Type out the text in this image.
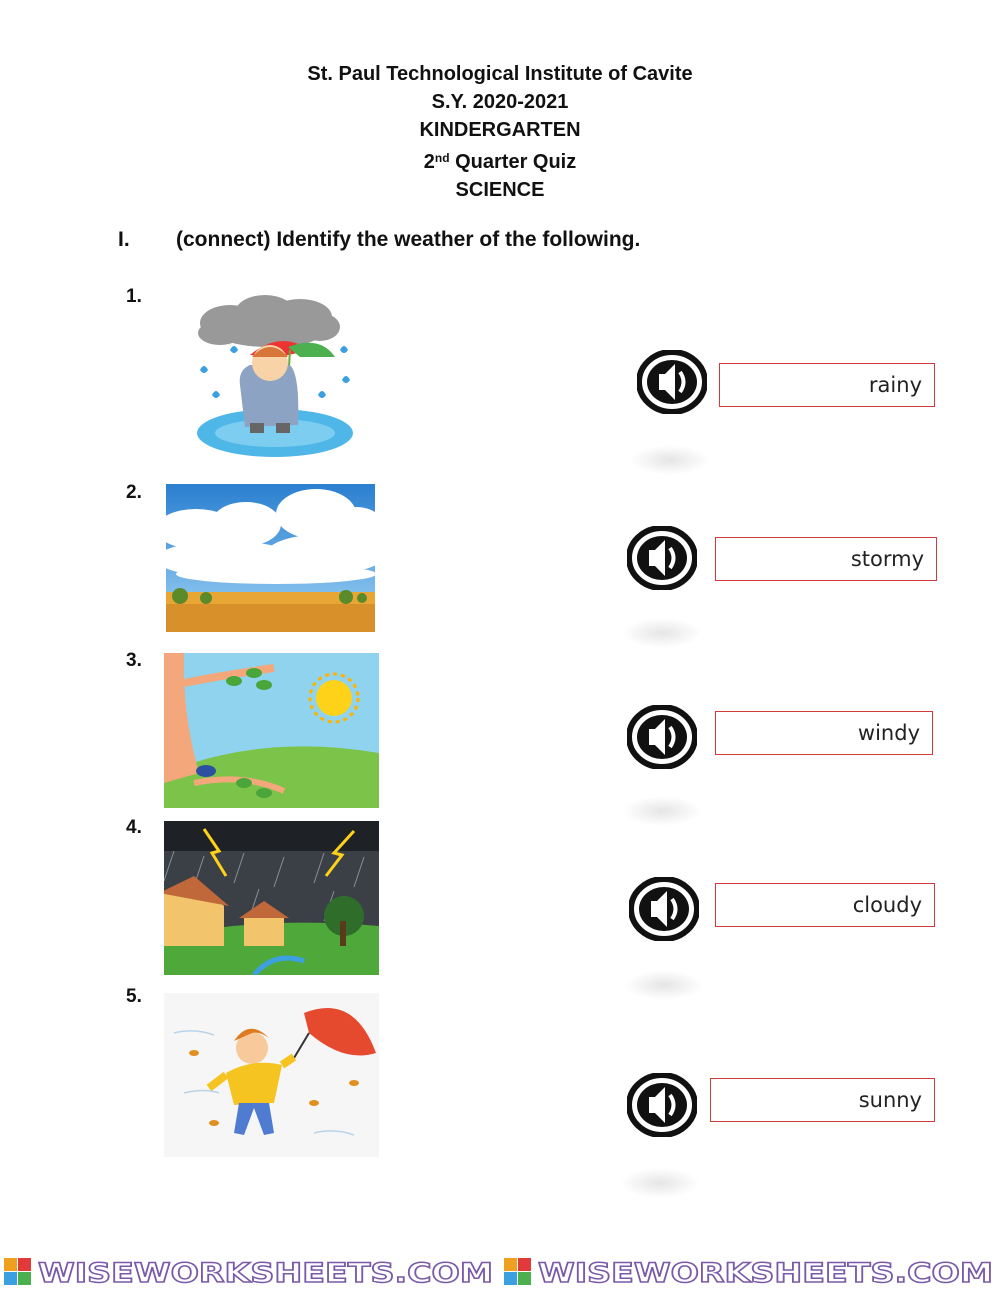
St. Paul Technological Institute of Cavite
S.Y. 2020-2021
KINDERGARTEN
2nd Quarter Quiz
SCIENCE
I. (connect) Identify the weather of the following.
1.
2.
3.
4.
5.
rainy
stormy
windy
cloudy
sunny
WISEWORKSHEETS.COM WISEWORKSHEETS.COM
